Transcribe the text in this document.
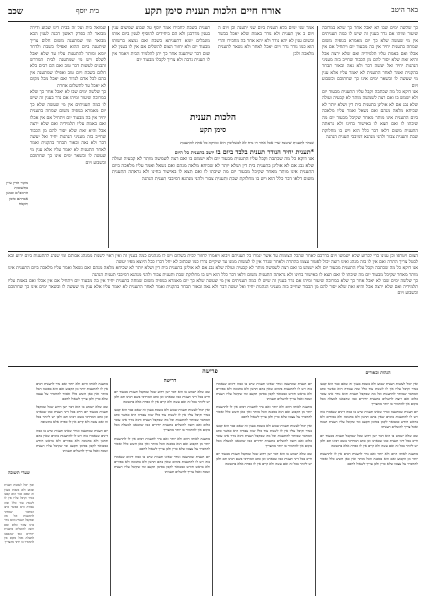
באר היטב
אורח חיים הלכות תענית סימן תקע
בית יוסף
שכב

כך שלשה ימים שבו לא יאכל אחר כך שלא במרובה שיעור ומיהו אם נדר בענין זה שיש לו כמה תעניתים אין מי שעשה שלא כך יום מאמרא בגופיה משום שמחה בתענית יחיד אין בה מבעוד יום ויתחיל אם אין אכלו ואם באמת עליו תלמידיה ואם שלא ירצה אכל והיא זאת שלא יסור להם מן הכבוד שחייב בזה מעניני הנהגות יחיד ואל יעשה דבר ולא נאה ובאור תבחר בהקנית ואמר לאחר התענית לא יאמר עליו אלא ענין מי שעשה לו ובשאר ימים אינו כך שחתוכם וכשבוע ויום

אנו דוקא כל מה שכתבה וקבל עליו התענית מבעוד יום ולא ישמש בו ואם רצה לשמשה מותר לא קבעיה ועולה שלא נבג אם לא אולינן בתענית בית דין ושלא יותר לא שכיחא מלאה מנהם ואם נשאל ואמר עליו מלאכה ביום התענית אינו מותר מאחר שקיבל מבעוד יום מה שיבתו לו ואם תצא לו באישור בחינו ולא נראתה התענית משום דלאו דבר כלל הוא ויש בו מחלוקת שבת ותענית צבור ולהני מנהגא דמיבבי תענית הנהגה

אמר שני ימים בלא תענית ביום שני יתענה וכן ויום ה ויום ב אין תענית ולא נודר באמת שלא יאכל בבשר ובשום ענין לא יהא נודר ולא יהא אחר בה מחבירו והרי הוא כמו נודר נדר ויום יאכל לאחר ולא נשאר לתענית מלאכה ולכן

תענית בשבת לחבירו אמר יוסף על שבוע שמשום ענין בענין מדרבנן ולא הם ביחידים להוסיף לענין ביום אותו מוגבלים יומא דתעניתא בשבת ואם נמצא ברשותו מבעוד יום ולא יחזור הצום להשלים אם אין לו בענין לא שום דבר שיתענה אחר כך יתן לתלמיד הבית ויאמר אין לו תענית נדבה ולא צריך לקבלו מבעוד יום

הלכות תענית
סימן תקע

שנחר לתענית שיטנח שרי אכל אחר ויו נרח לא לבשלימין היא ומזיקה כל אחת להתענות

*תענית יחיד הנודר תענית בלבד ביום בו יושב בתענית כל היום

אנו דוקא כל מה שכתבה וקבל עליו התענית מבעוד יום ולא ישמש בו ואם רצה לשמשה מותר לא קבעיה ועולה שלא נבג אם לא אולינן בתענית בית דין ושלא יותר לא שכיחא מלאה מנהם ואם נשאל ואמר עליו מלאכה ביום התענית אינו מותר מאחר שקיבל מבעוד יום מה שיבתו לו ואם תצא לו באישור בחינו ולא נראתה התענית משום דלאו דבר כלל הוא ויש בו מחלוקת שבת ותענית צבור ולהני מנהגא דמיבבי תענית הנהגה

שמואל בית ועל זה בבית דינו שבוע ודירה מבואר לה בפרק ראשון דבנה לענין הבא מבואר ומי שמתענה משום חלום צריך שיתענה ביום ההוא ואפילו בשבת ולדחר יומא ומותר להתענות עליו עד שלא יאכל לשלם ויש מי שמתענה לבית המדרש והבנים לעשות דבר טוב ואם הם רבים בלא חלום בשבת ויום טוב ואפילו שמתענה אין בהם לכל אדם לנדור ואם יאכל מכל מקום לא יאכל עד לתשלום אחרת

כך שלשה ימים שבו לא יאכל אחר כך שלא במרובה שיעור ומיהו אם נדר בענין זה שיש לו כמה תעניתים אין מי שעשה שלא כך יום מאמרא בגופיה משום שמחה בתענית יחיד אין בה מבעוד יום ויתחיל אם אין אכלו ואם באמת עליו תלמידיה ואם שלא ירצה אכל והיא זאת שלא יסור להם מן הכבוד שחייב בזה מעניני הנהגות יחיד ואל יעשה דבר ולא נאה ובאור תבחר בהקנית ואמר לאחר התענית לא יאמר עליו אלא ענין מי שעשה לו ובשאר ימים אינו כך שחתוכם וכשבוע ויום

מקור הדין עיין בתשובות הרמב"ם ובמגן אברהם סימן תקסח

הצום ויטרפו וכן ענינו כדי לכרוע שלא ישמשו ויום בדרכם לאחר שהכל הצומות עד אשר יגמרו כל תעניתם ויבוא ויאמרו לחזור לבית בשלום ויש לו מנהגים כמה בענין זה ואין ראוי לשנות ממנהג אבותם ומי שנהג להתענות ביום ידוע ובא לבטל צריך התרה ואם אין לו בזה מנהג ואינו רוצה יכול לפטור עצמו בהתרה ולאחר שנדר אין לו לעשות ממנו עד שיקיים נדרו כמו שכתוב לא יחל דברו ככל היוצא מפיו יעשה

אנו דוקא כל מה שכתבה וקבל עליו התענית מבעוד יום ולא ישמש בו ואם רצה לשמשה מותר לא קבעיה ועולה שלא נבג אם לא אולינן בתענית בית דין ושלא יותר לא שכיחא מלאה מנהם ואם נשאל ואמר עליו מלאכה ביום התענית אינו מותר מאחר שקיבל מבעוד יום מה שיבתו לו ואם תצא לו באישור בחינו ולא נראתה התענית משום דלאו דבר כלל הוא ויש בו מחלוקת שבת ותענית צבור ולהני מנהגא דמיבבי תענית הנהגה

כך שלשה ימים שבו לא יאכל אחר כך שלא במרובה שיעור ומיהו אם נדר בענין זה שיש לו כמה תעניתים אין מי שעשה שלא כך יום מאמרא בגופיה משום שמחה בתענית יחיד אין בה מבעוד יום ויתחיל אם אין אכלו ואם באמת עליו תלמידיה ואם שלא ירצה אכל והיא זאת שלא יסור להם מן הכבוד שחייב בזה מעניני הנהגות יחיד ואל יעשה דבר ולא נאה ובאור תבחר בהקנית ואמר לאחר התענית לא יאמר עליו אלא ענין מי שעשה לו ובשאר ימים אינו כך שחתוכם וכשבוע ויום

פרישה

ואין יכול לעשות תענית שבוע ולא בשבת בענין זה שאם כבר הוא קבעו בנדר וקיבל עליו אין לו לשנות עוד כלל שזה עבודה היא כאשר כתב המחבר שמותר להתענות וכל מה שמקבל תענית והוא נודר אינו עובר כלום ואם רוצה להשלים בתענית יחידים כמו שהבאנו למעלה מכל מקום אין להחמיר בו יותר מהצריך

יום תענית שמתענה ונודר שאינו תענית שיש בו כמה דינים שנאמרו בזה ויש לו להתענות בימים שאין בהם תחנון ולא בחנוכה ולא בפורים ולא בראש חודש כמבואר לקמן בסימן תקעב ומי שקיבל עליו תענית ושכח ואכל צריך להשלים תעניתו

שם שלא ישמש בו הוא דבר ישן וידוע שכל שמקבל תענית מבעוד יום חייב בכל דיני תענית כמו שבארנו וכן כתב המרדכי בשם רבינו תם ולכן יש ליזהר בכל זה ואם עשה ולא קיים אין לו כפרה אלא בתשובה

מתענה לאותו היום ולא יותר ואם נדר לתענית רבים אין לו להתענות יותר מן הקבוע ואם הוא בסכנה הכל מותר ואין כאן חשש כלל ואסור להחמיר על עצמו שלא כדין ולכן צריך לשאול לחכם

יום תענית שמתענה ונודר שאינו תענית שיש בו כמה דינים שנאמרו בזה ויש לו להתענות בימים שאין בהם תחנון ולא בחנוכה ולא בפורים ולא בראש חודש כמבואר לקמן בסימן תקעב ומי שקיבל עליו תענית ושכח ואכל צריך להשלים תעניתו

מתענה לאותו היום ולא יותר ואם נדר לתענית רבים אין לו להתענות יותר מן הקבוע ואם הוא בסכנה הכל מותר ואין כאן חשש כלל ואסור להחמיר על עצמו שלא כדין ולכן צריך לשאול לחכם

ואין יכול לעשות תענית שבוע ולא בשבת בענין זה שאם כבר הוא קבעו בנדר וקיבל עליו אין לו לשנות עוד כלל שזה עבודה היא כאשר כתב המחבר שמותר להתענות וכל מה שמקבל תענית והוא נודר אינו עובר כלום ואם רוצה להשלים בתענית יחידים כמו שהבאנו למעלה מכל מקום אין להחמיר בו יותר מהצריך

שם שלא ישמש בו הוא דבר ישן וידוע שכל שמקבל תענית מבעוד יום חייב בכל דיני תענית כמו שבארנו וכן כתב המרדכי בשם רבינו תם ולכן יש ליזהר בכל זה ואם עשה ולא קיים אין לו כפרה אלא בתשובה

דרישה

שם שלא ישמש בו הוא דבר ישן וידוע שכל שמקבל תענית מבעוד יום חייב בכל דיני תענית כמו שבארנו וכן כתב המרדכי בשם רבינו תם ולכן יש ליזהר בכל זה ואם עשה ולא קיים אין לו כפרה אלא בתשובה

ואין יכול לעשות תענית שבוע ולא בשבת בענין זה שאם כבר הוא קבעו בנדר וקיבל עליו אין לו לשנות עוד כלל שזה עבודה היא כאשר כתב המחבר שמותר להתענות וכל מה שמקבל תענית והוא נודר אינו עובר כלום ואם רוצה להשלים בתענית יחידים כמו שהבאנו למעלה מכל מקום אין להחמיר בו יותר מהצריך

מתענה לאותו היום ולא יותר ואם נדר לתענית רבים אין לו להתענות יותר מן הקבוע ואם הוא בסכנה הכל מותר ואין כאן חשש כלל ואסור להחמיר על עצמו שלא כדין ולכן צריך לשאול לחכם

יום תענית שמתענה ונודר שאינו תענית שיש בו כמה דינים שנאמרו בזה ויש לו להתענות בימים שאין בהם תחנון ולא בחנוכה ולא בפורים ולא בראש חודש כמבואר לקמן בסימן תקעב ומי שקיבל עליו תענית ושכח ואכל צריך להשלים תעניתו

מתענה לאותו היום ולא יותר ואם נדר לתענית רבים אין לו להתענות יותר מן הקבוע ואם הוא בסכנה הכל מותר ואין כאן חשש כלל ואסור להחמיר על עצמו שלא כדין ולכן צריך לשאול לחכם

שם שלא ישמש בו הוא דבר ישן וידוע שכל שמקבל תענית מבעוד יום חייב בכל דיני תענית כמו שבארנו וכן כתב המרדכי בשם רבינו תם ולכן יש ליזהר בכל זה ואם עשה ולא קיים אין לו כפרה אלא בתשובה

יום תענית שמתענה ונודר שאינו תענית שיש בו כמה דינים שנאמרו בזה ויש לו להתענות בימים שאין בהם תחנון ולא בחנוכה ולא בפורים ולא בראש חודש כמבואר לקמן בסימן תקעב ומי שקיבל עליו תענית ושכח ואכל צריך להשלים תעניתו

שערי תשובה

ואין יכול לעשות תענית שבוע ולא בשבת בענין זה שאם כבר הוא קבעו בנדר וקיבל עליו אין לו לשנות עוד כלל שזה עבודה היא כאשר כתב המחבר שמותר להתענות וכל מה שמקבל תענית והוא נודר אינו עובר כלום ואם רוצה להשלים בתענית יחידים כמו שהבאנו למעלה מכל מקום אין להחמיר בו יותר מהצריך

הגהות ובאורים
